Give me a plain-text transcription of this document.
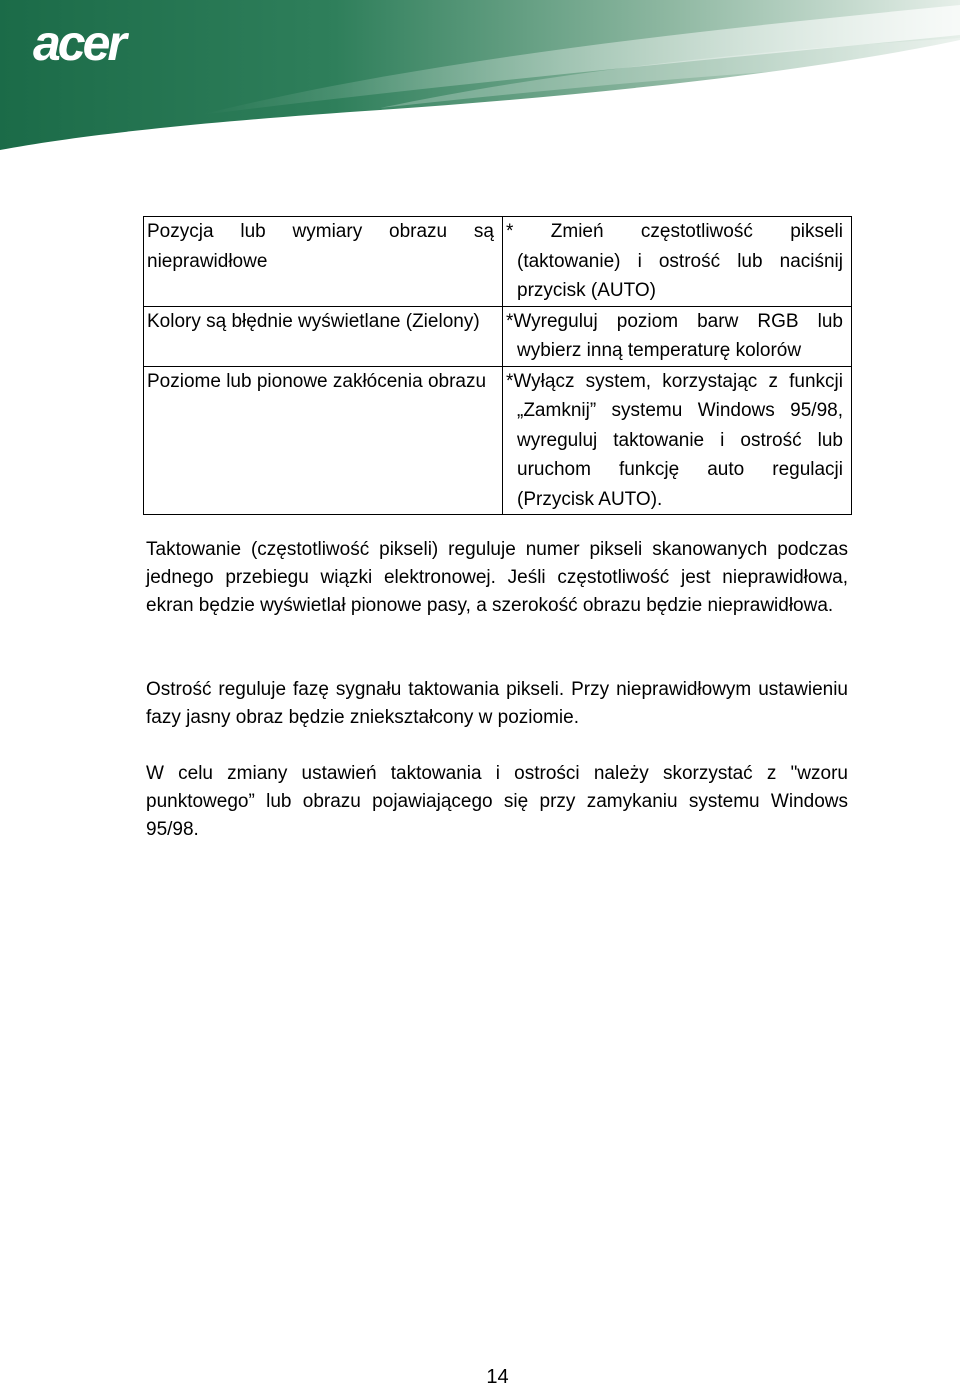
acer
Pozycja lub wymiary obrazu są nieprawidłowe	* Zmień częstotliwość pikseli (taktowanie) i ostrość lub naciśnij przycisk (AUTO)
Kolory są błędnie wyświetlane (Zielony)	*Wyreguluj poziom barw RGB lub wybierz inną temperaturę kolorów
Poziome lub pionowe zakłócenia obrazu	*Wyłącz system, korzystając z funkcji „Zamknij” systemu Windows 95/98, wyreguluj taktowanie i ostrość lub uruchom funkcję auto regulacji (Przycisk AUTO).

Taktowanie (częstotliwość pikseli) reguluje numer pikseli skanowanych podczas jednego przebiegu wiązki elektronowej. Jeśli częstotliwość jest nieprawidłowa, ekran będzie wyświetlał pionowe pasy, a szerokość obrazu będzie nieprawidłowa.

Ostrość reguluje fazę sygnału taktowania pikseli. Przy nieprawidłowym ustawieniu fazy jasny obraz będzie zniekształcony w poziomie.

W celu zmiany ustawień taktowania i ostrości należy skorzystać z "wzoru punktowego” lub obrazu pojawiającego się przy zamykaniu systemu Windows 95/98.

14
